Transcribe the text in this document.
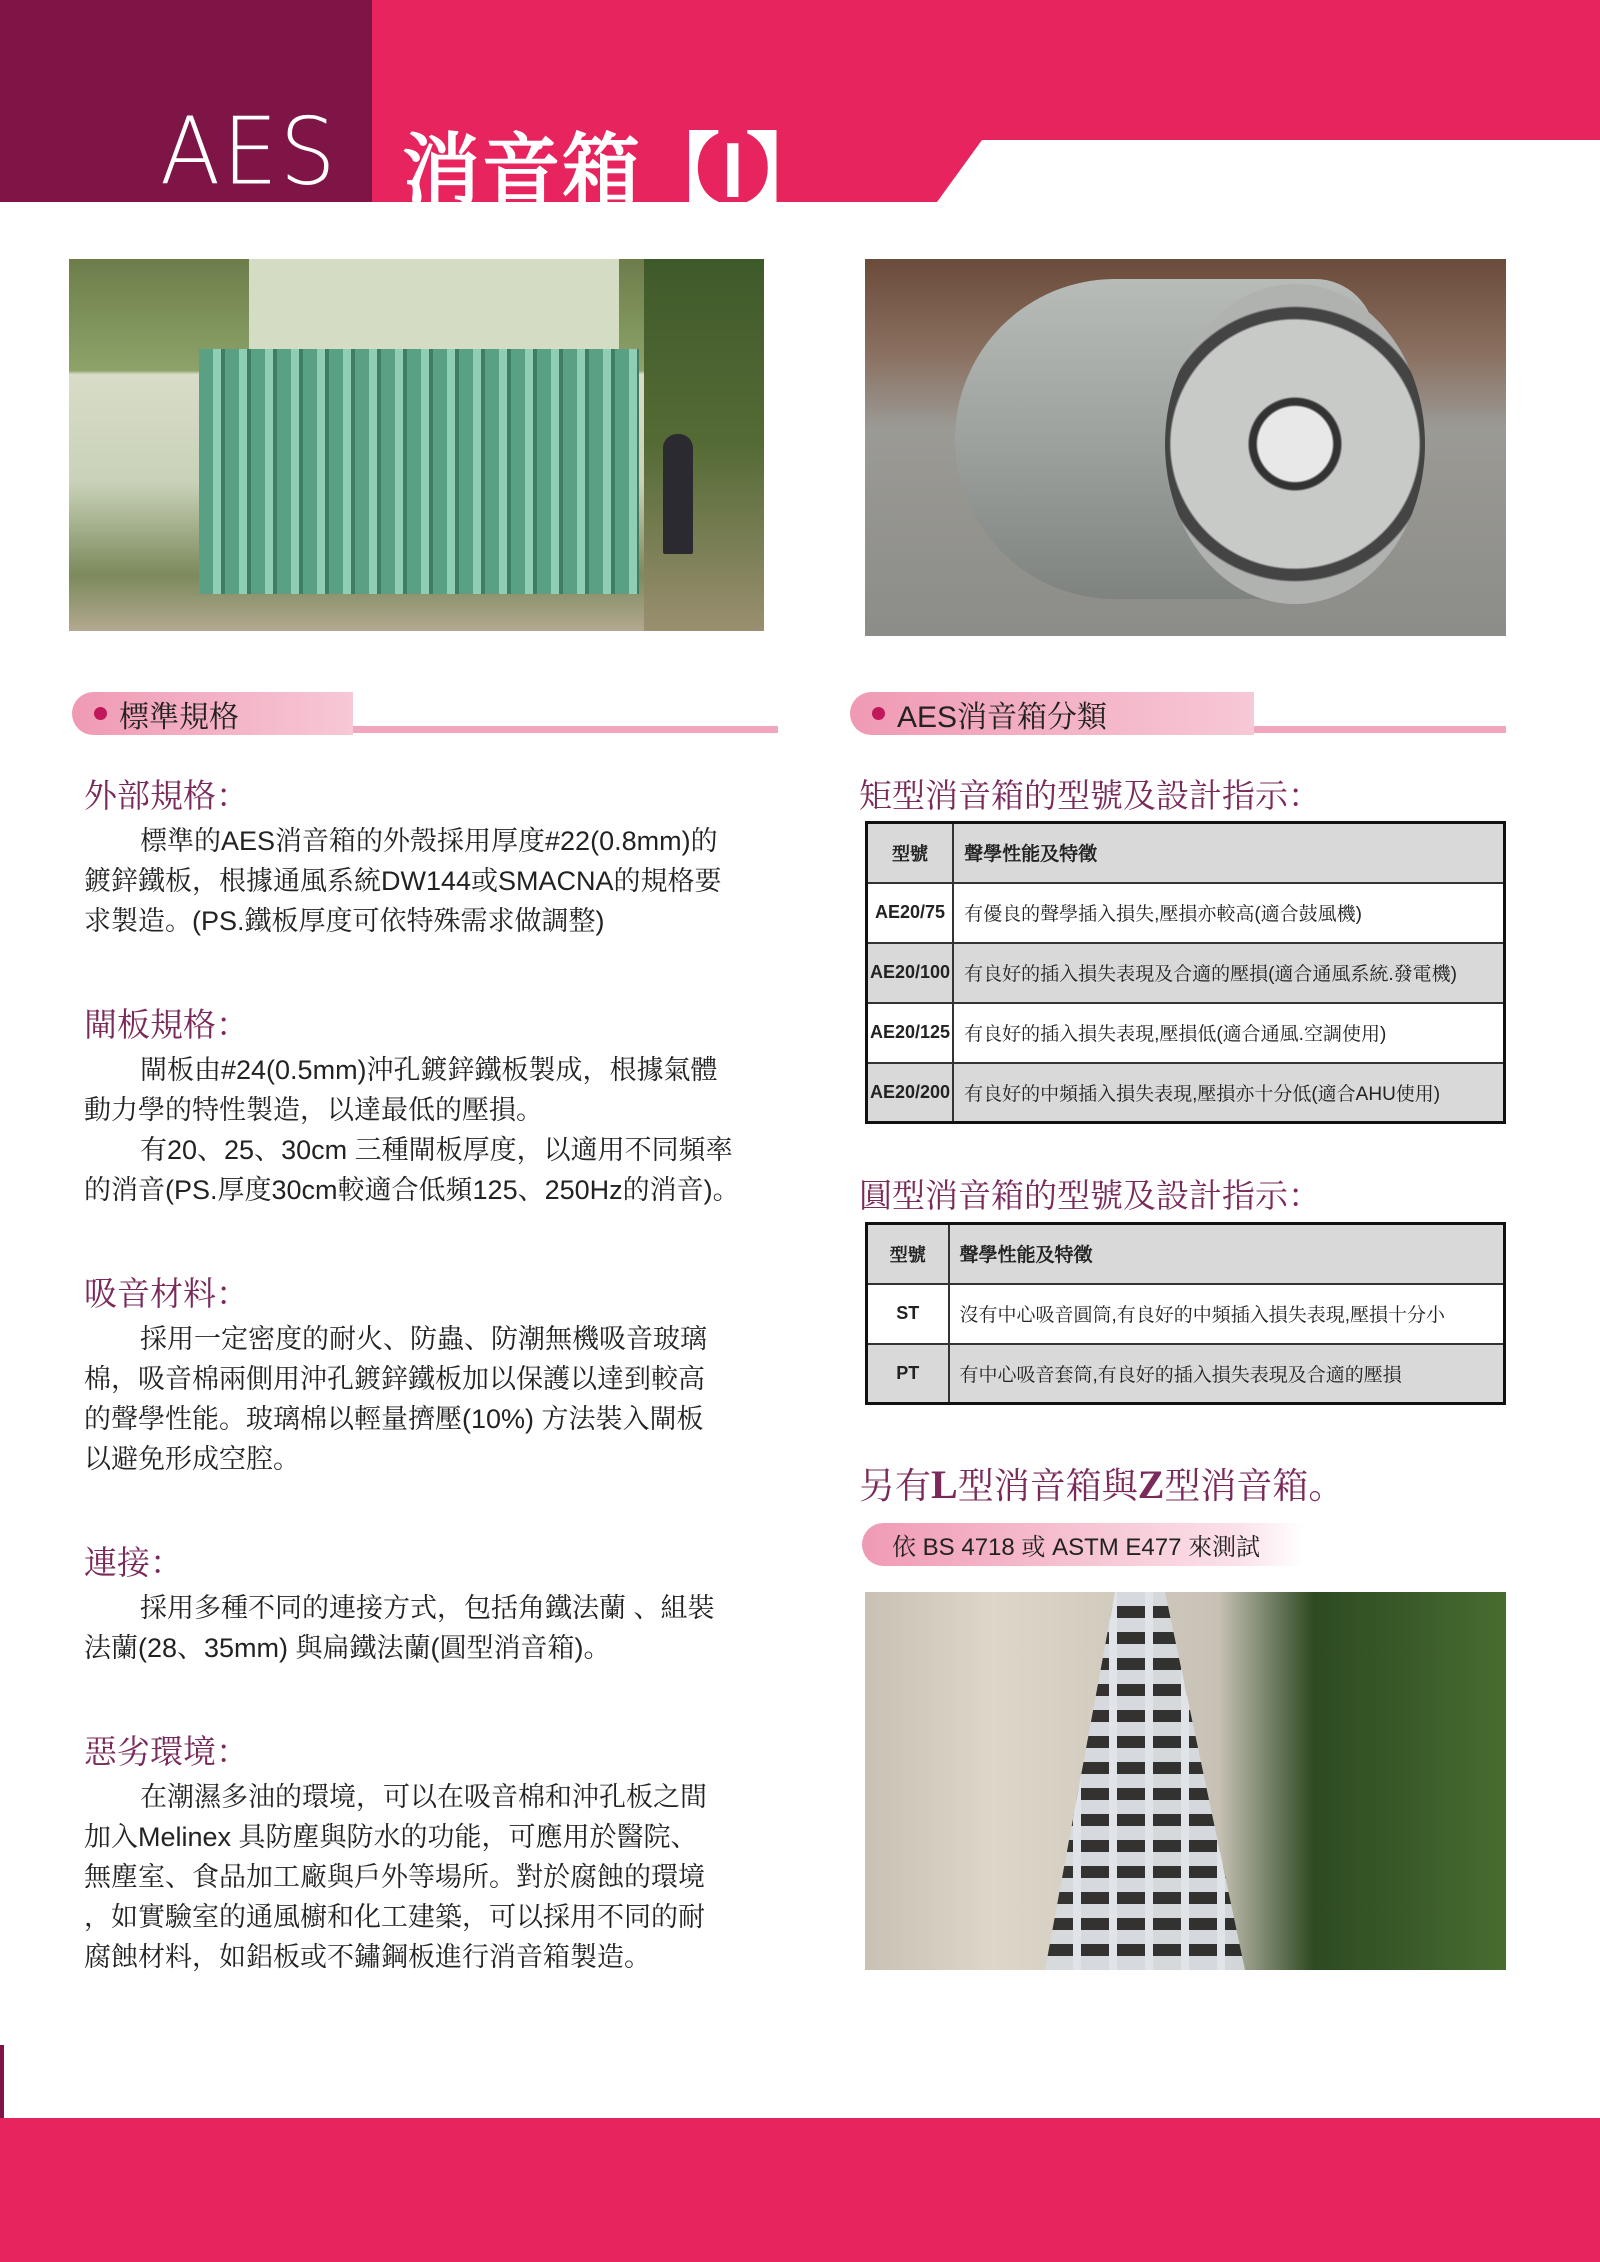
AES 消音箱【I】
標準規格
外部規格：
標準的AES消音箱的外殼採用厚度#22(0.8mm)的
鍍鋅鐵板，根據通風系統DW144或SMACNA的規格要
求製造。(PS.鐵板厚度可依特殊需求做調整)
閘板規格：
閘板由#24(0.5mm)沖孔鍍鋅鐵板製成，根據氣體
動力學的特性製造，以達最低的壓損。
有20、25、30cm 三種閘板厚度，以適用不同頻率
的消音(PS.厚度30cm較適合低頻125、250Hz的消音)。
吸音材料：
採用一定密度的耐火、防蟲、防潮無機吸音玻璃
棉，吸音棉兩側用沖孔鍍鋅鐵板加以保護以達到較高
的聲學性能。玻璃棉以輕量擠壓(10%) 方法裝入閘板
以避免形成空腔。
連接：
採用多種不同的連接方式，包括角鐵法蘭 、組裝
法蘭(28、35mm) 與扁鐵法蘭(圓型消音箱)。
惡劣環境：
在潮濕多油的環境，可以在吸音棉和沖孔板之間
加入Melinex 具防塵與防水的功能，可應用於醫院、
無塵室、食品加工廠與戶外等場所。對於腐蝕的環境
，如實驗室的通風櫥和化工建築，可以採用不同的耐
腐蝕材料，如鋁板或不鏽鋼板進行消音箱製造。
AES消音箱分類
矩型消音箱的型號及設計指示：
型號	聲學性能及特徵
AE20/75	有優良的聲學插入損失,壓損亦較高(適合鼓風機)
AE20/100	有良好的插入損失表現及合適的壓損(適合通風系統.發電機)
AE20/125	有良好的插入損失表現,壓損低(適合通風.空調使用)
AE20/200	有良好的中頻插入損失表現,壓損亦十分低(適合AHU使用)
圓型消音箱的型號及設計指示：
型號	聲學性能及特徵
ST	沒有中心吸音圓筒,有良好的中頻插入損失表現,壓損十分小
PT	有中心吸音套筒,有良好的插入損失表現及合適的壓損
另有L型消音箱與Z型消音箱。
依 BS 4718 或 ASTM E477 來測試
